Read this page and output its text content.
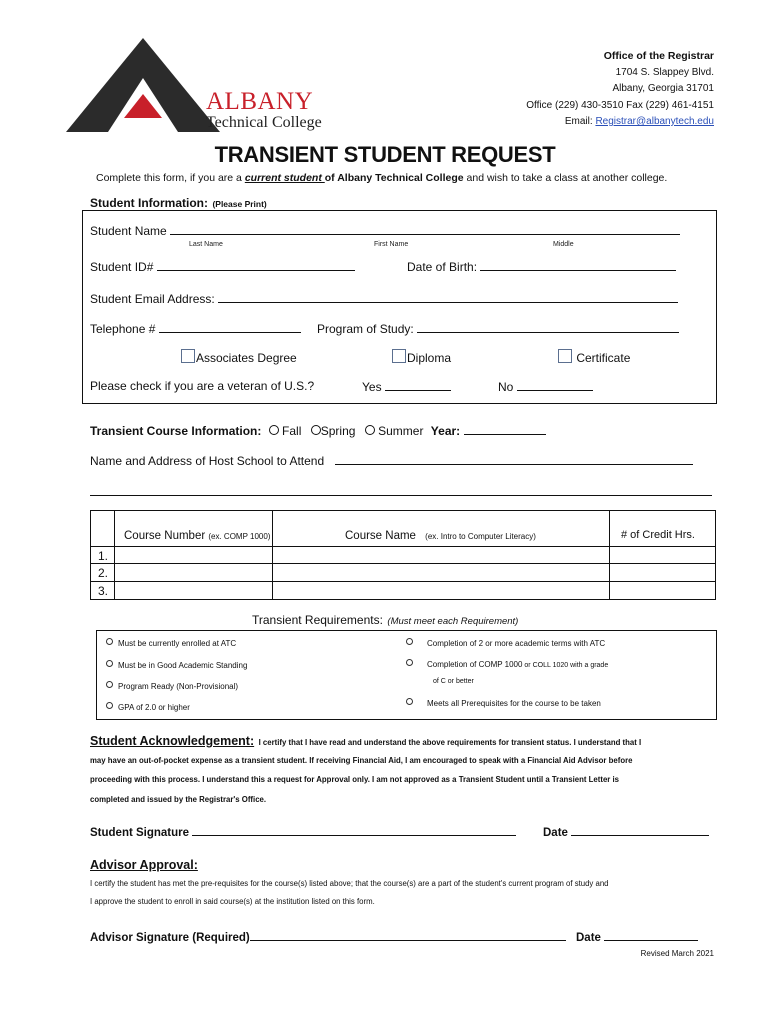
ALBANY
Technical College
Office of the Registrar
1704 S. Slappey Blvd.
Albany, Georgia 31701
Office (229) 430-3510 Fax (229) 461-4151
Email: Registrar@albanytech.edu
TRANSIENT STUDENT REQUEST
Complete this form, if you are a current student of Albany Technical College and wish to take a class at another college.
Student Information: (Please Print)
Student Name
Last Name	First Name	Middle
Student ID#	Date of Birth:
Student Email Address:
Telephone #	Program of Study:
Associates Degree	Diploma	Certificate
Please check if you are a veteran of U.S.?	Yes	No
Transient Course Information: Fall Spring Summer Year:
Name and Address of Host School to Attend
Course Number (ex. COMP 1000)	Course Name (ex. Intro to Computer Literacy)	# of Credit Hrs.
1.
2.
3.
Transient Requirements: (Must meet each Requirement)
Must be currently enrolled at ATC
Must be in Good Academic Standing
Program Ready (Non-Provisional)
GPA of 2.0 or higher
Completion of 2 or more academic terms with ATC
Completion of COMP 1000 or COLL 1020 with a grade
of C or better
Meets all Prerequisites for the course to be taken
Student Acknowledgement: I certify that I have read and understand the above requirements for transient status. I understand that I
may have an out-of-pocket expense as a transient student. If receiving Financial Aid, I am encouraged to speak with a Financial Aid Advisor before
proceeding with this process. I understand this a request for Approval only. I am not approved as a Transient Student until a Transient Letter is
completed and issued by the Registrar's Office.
Student Signature	Date
Advisor Approval:
I certify the student has met the pre-requisites for the course(s) listed above; that the course(s) are a part of the student's current program of study and
I approve the student to enroll in said course(s) at the institution listed on this form.
Advisor Signature (Required)	Date
Revised March 2021
